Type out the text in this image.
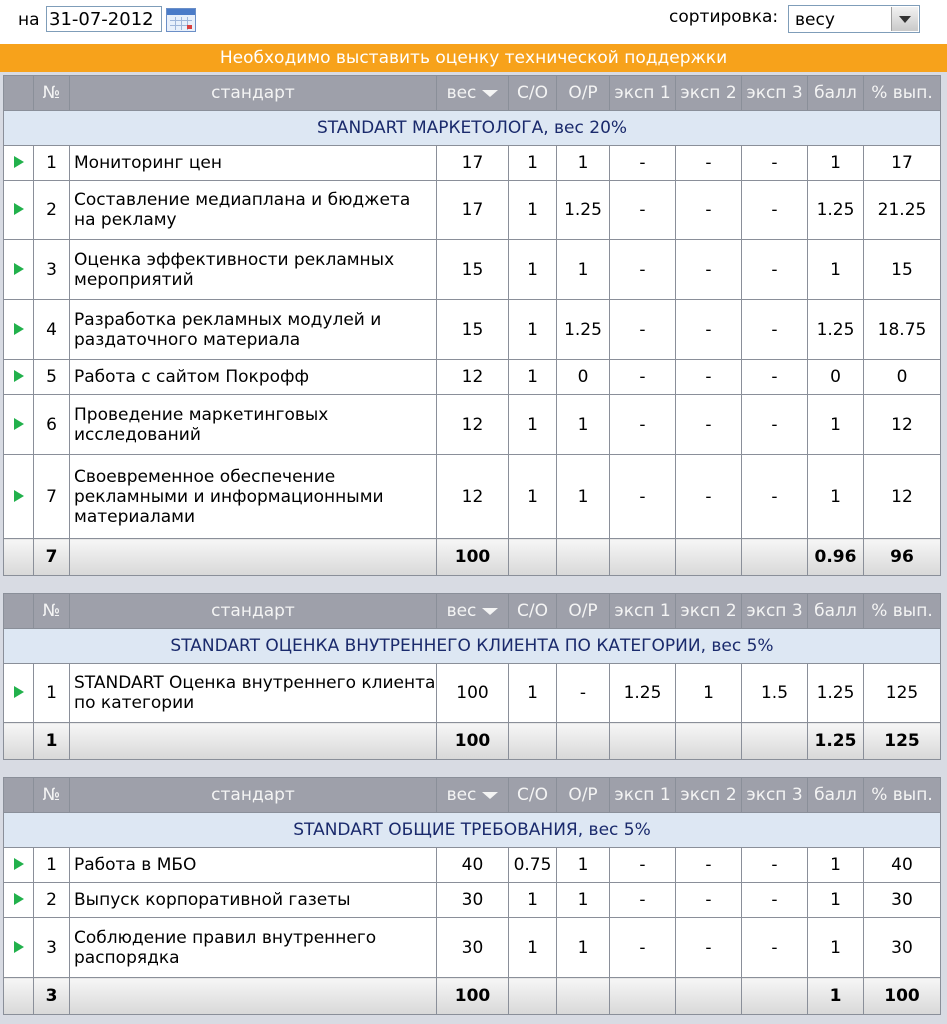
на
31-07-2012	сортировка: весу
Необходимо выставить оценку технической поддержки
	№	стандарт	вес	С/О	О/Р	эксп 1	эксп 2	эксп 3	балл	% вып.
STANDART МАРКЕТОЛОГА, вес 20%										
	1	Мониторинг цен	17	1	1	-	-	-	1	17
	2	Составление медиаплана и бюджета на рекламу	17	1	1.25	-	-	-	1.25	21.25
	3	Оценка эффективности рекламных мероприятий	15	1	1	-	-	-	1	15
	4	Разработка рекламных модулей и раздаточного материала	15	1	1.25	-	-	-	1.25	18.75
	5	Работа с сайтом Покрофф	12	1	0	-	-	-	0	0
	6	Проведение маркетинговых исследований	12	1	1	-	-	-	1	12
	7	Своевременное обеспечение рекламными и информационными материалами	12	1	1	-	-	-	1	12
	7		100						0.96	96
	№	стандарт	вес	С/О	О/Р	эксп 1	эксп 2	эксп 3	балл	% вып.
STANDART ОЦЕНКА ВНУТРЕННЕГО КЛИЕНТА ПО КАТЕГОРИИ, вес 5%										
	1	STANDART Оценка внутреннего клиента по категории	100	1	-	1.25	1	1.5	1.25	125
	1		100						1.25	125
	№	стандарт	вес	С/О	О/Р	эксп 1	эксп 2	эксп 3	балл	% вып.
STANDART ОБЩИЕ ТРЕБОВАНИЯ, вес 5%										
	1	Работа в МБО	40	0.75	1	-	-	-	1	40
	2	Выпуск корпоративной газеты	30	1	1	-	-	-	1	30
	3	Соблюдение правил внутреннего распорядка	30	1	1	-	-	-	1	30
	3		100						1	100
